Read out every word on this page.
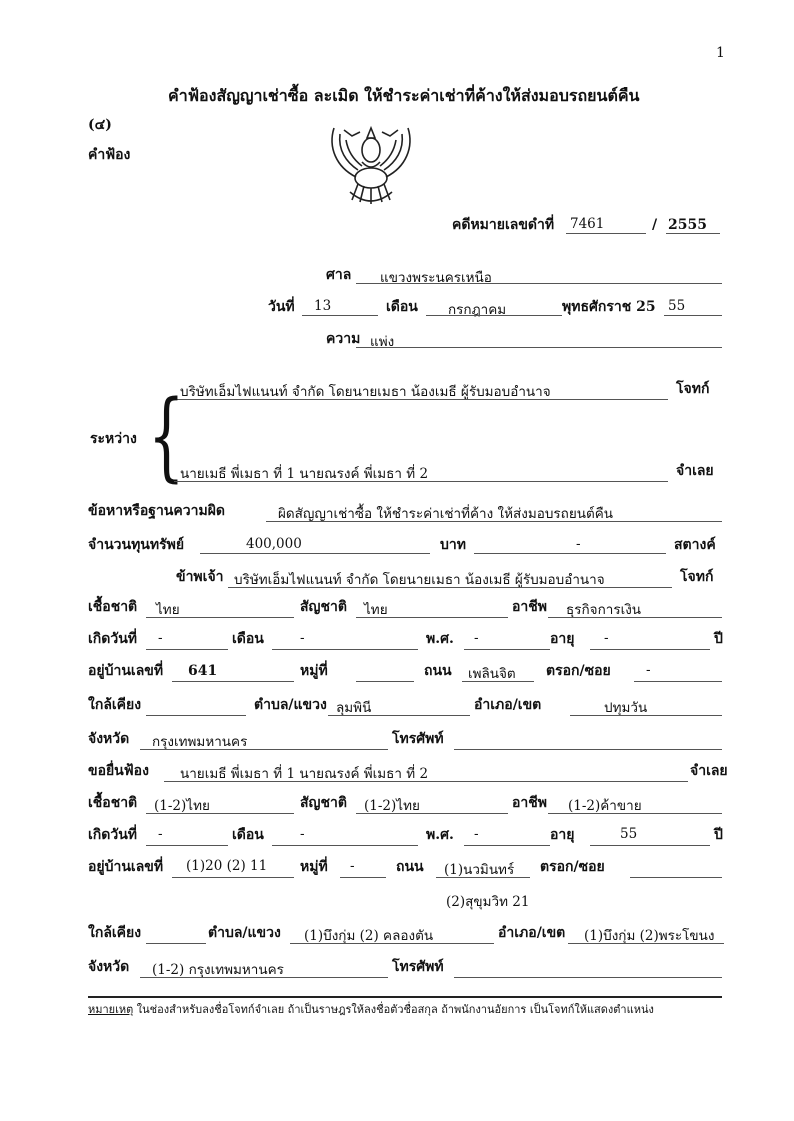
1
คำฟ้องสัญญาเช่าซื้อ ละเมิด ให้ชำระค่าเช่าที่ค้างให้ส่งมอบรถยนต์คืน
(๔)
คำฟ้อง
คดีหมายเลขดำที่ 7461	/ 2555
ศาล แขวงพระนครเหนือ
วันที่ 13	เดือน กรกฎาคม	พุทธศักราช 25 55
ความ แพ่ง
บริษัทเอ็มไฟแนนท์ จำกัด โดยนายเมธา น้องเมธี ผู้รับมอบอำนาจ	โจทก์
ระหว่าง {
นายเมธี พี่เมธา ที่ 1 นายณรงค์ พี่เมธา ที่ 2	จำเลย
ข้อหาหรือฐานความผิด	ผิดสัญญาเช่าซื้อ ให้ชำระค่าเช่าที่ค้าง ให้ส่งมอบรถยนต์คืน
จำนวนทุนทรัพย์	400,000	บาท	-	สตางค์
ข้าพเจ้า บริษัทเอ็มไฟแนนท์ จำกัด โดยนายเมธา น้องเมธี ผู้รับมอบอำนาจ	โจทก์
เชื้อชาติ ไทย	สัญชาติ ไทย	อาชีพ ธุรกิจการเงิน
เกิดวันที่ -	เดือน	-	พ.ศ. -	อายุ -	ปี
อยู่บ้านเลขที่ 641	หมู่ที่	ถนน เพลินจิต ตรอก/ซอย	-
ใกล้เคียง	ตำบล/แขวง ลุมพินี	อำเภอ/เขต	ปทุมวัน
จังหวัด กรุงเทพมหานคร	โทรศัพท์
ขอยื่นฟ้อง นายเมธี พี่เมธา ที่ 1 นายณรงค์ พี่เมธา ที่ 2	จำเลย
เชื้อชาติ (1-2)ไทย	สัญชาติ (1-2)ไทย	อาชีพ (1-2)ค้าขาย
เกิดวันที่ -	เดือน	-	พ.ศ. -	อายุ	55	ปี
อยู่บ้านเลขที่ (1)20 (2) 11 หมู่ที่ -	ถนน (1)นวมินทร์ ตรอก/ซอย
(2)สุขุมวิท 21
ใกล้เคียง	ตำบล/แขวง (1)บึงกุ่ม (2) คลองตัน	อำเภอ/เขต (1)บึงกุ่ม (2)พระโขนง
จังหวัด (1-2) กรุงเทพมหานคร	โทรศัพท์
หมายเหตุ ในช่องสำหรับลงชื่อโจทก์จำเลย ถ้าเป็นราษฎรให้ลงชื่อตัวชื่อสกุล ถ้าพนักงานอัยการ เป็นโจทก์ให้แสดงตำแหน่ง
